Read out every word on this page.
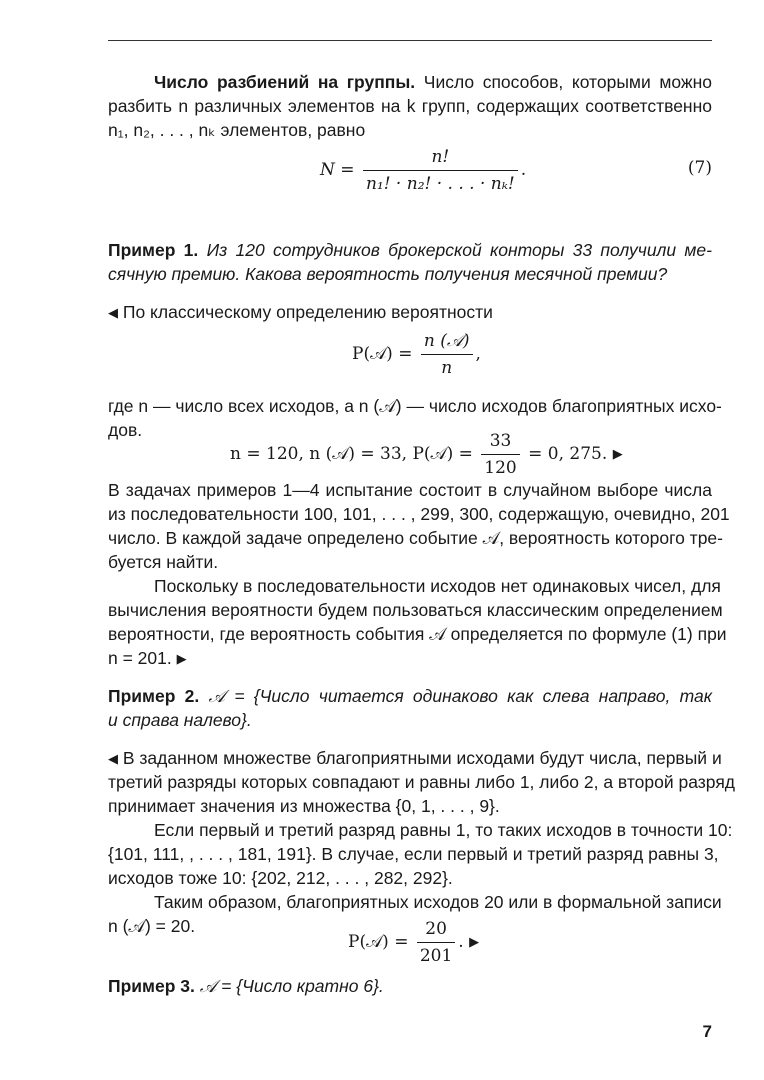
Число разбиений на группы. Число способов, которыми можно
разбить n различных элементов на k групп, содержащих соответственно
n₁, n₂, . . . , nₖ элементов, равно
$N = \frac{n!}{\text{n₁! · n₂! · . . . · nₖ!}}$ .	(7)
Пример 1. Из 120 сотрудников брокерской конторы 33 получили ме-
сячную премию. Какова вероятность получения месячной премии?
◀ По классическому определению вероятности
P(𝒜) = $\frac{\text{n (𝒜)}}{n}$ ,
где n — число всех исходов, а n (𝒜) — число исходов благоприятных исхо-
дов.
n = 120, n (𝒜) = 33, P(𝒜) = $\frac{33}{120} = 0$, 275. ▶
В задачах примеров 1—4 испытание состоит в случайном выборе числа
из последовательности 100, 101, . . . , 299, 300, содержащую, очевидно, 201
число. В каждой задаче определено событие 𝒜, вероятность которого тре-
буется найти.
Поскольку в последовательности исходов нет одинаковых чисел, для
вычисления вероятности будем пользоваться классическим определением
вероятности, где вероятность события 𝒜 определяется по формуле (1) при
n = 201. ▶
Пример 2. 𝒜 = {Число читается одинаково как слева направо, так
и справа налево}.
◀ В заданном множестве благоприятными исходами будут числа, первый и
третий разряды которых совпадают и равны либо 1, либо 2, а второй разряд
принимает значения из множества {0, 1, . . . , 9}.
Если первый и третий разряд равны 1, то таких исходов в точности 10:
{101, 111, , . . . , 181, 191}. В случае, если первый и третий разряд равны 3,
исходов тоже 10: {202, 212, . . . , 282, 292}.
Таким образом, благоприятных исходов 20 или в формальной записи
n (𝒜) = 20.
P(𝒜) = $\frac{20}{201}$ . ▶
Пример 3. 𝒜 = {Число кратно 6}.
7
